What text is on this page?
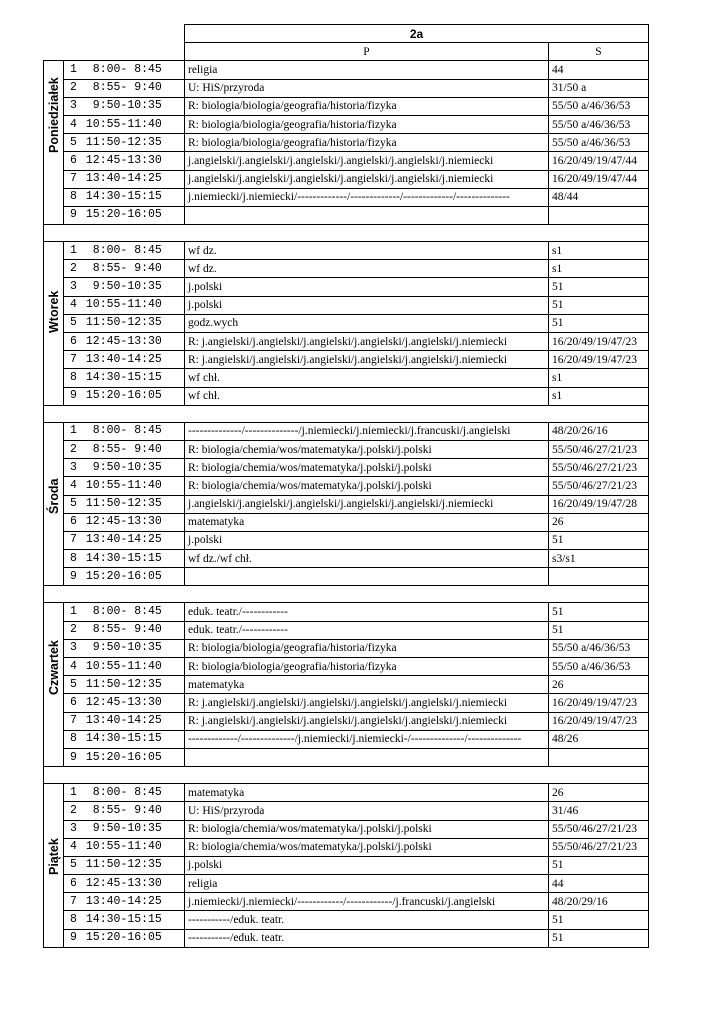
		2a	
		P	S

Poniedziałek	1 8:00- 8:45	religia	44
	2 8:55- 9:40	U: HiS/przyroda	31/50 a
	3 9:50-10:35	R: biologia/biologia/geografia/historia/fizyka	55/50 a/46/36/53
	4 10:55-11:40	R: biologia/biologia/geografia/historia/fizyka	55/50 a/46/36/53
	5 11:50-12:35	R: biologia/biologia/geografia/historia/fizyka	55/50 a/46/36/53
	6 12:45-13:30	j.angielski/j.angielski/j.angielski/j.angielski/j.angielski/j.niemiecki	16/20/49/19/47/44
	7 13:40-14:25	j.angielski/j.angielski/j.angielski/j.angielski/j.angielski/j.niemiecki	16/20/49/19/47/44
	8 14:30-15:15	j.niemiecki/j.niemiecki/-------------/-------------/-------------/--------------	48/44
	9 15:20-16:05		

Wtorek	1 8:00- 8:45	wf dz.	s1
	2 8:55- 9:40	wf dz.	s1
	3 9:50-10:35	j.polski	51
	4 10:55-11:40	j.polski	51
	5 11:50-12:35	godz.wych	51
	6 12:45-13:30	R: j.angielski/j.angielski/j.angielski/j.angielski/j.angielski/j.niemiecki	16/20/49/19/47/23
	7 13:40-14:25	R: j.angielski/j.angielski/j.angielski/j.angielski/j.angielski/j.niemiecki	16/20/49/19/47/23
	8 14:30-15:15	wf chł.	s1
	9 15:20-16:05	wf chł.	s1

Środa	1 8:00- 8:45	--------------/--------------/j.niemiecki/j.niemiecki/j.francuski/j.angielski	48/20/26/16
	2 8:55- 9:40	R: biologia/chemia/wos/matematyka/j.polski/j.polski	55/50/46/27/21/23
	3 9:50-10:35	R: biologia/chemia/wos/matematyka/j.polski/j.polski	55/50/46/27/21/23
	4 10:55-11:40	R: biologia/chemia/wos/matematyka/j.polski/j.polski	55/50/46/27/21/23
	5 11:50-12:35	j.angielski/j.angielski/j.angielski/j.angielski/j.angielski/j.niemiecki	16/20/49/19/47/28
	6 12:45-13:30	matematyka	26
	7 13:40-14:25	j.polski	51
	8 14:30-15:15	wf dz./wf chł.	s3/s1
	9 15:20-16:05		

Czwartek	1 8:00- 8:45	eduk. teatr./------------	51
	2 8:55- 9:40	eduk. teatr./------------	51
	3 9:50-10:35	R: biologia/biologia/geografia/historia/fizyka	55/50 a/46/36/53
	4 10:55-11:40	R: biologia/biologia/geografia/historia/fizyka	55/50 a/46/36/53
	5 11:50-12:35	matematyka	26
	6 12:45-13:30	R: j.angielski/j.angielski/j.angielski/j.angielski/j.angielski/j.niemiecki	16/20/49/19/47/23
	7 13:40-14:25	R: j.angielski/j.angielski/j.angielski/j.angielski/j.angielski/j.niemiecki	16/20/49/19/47/23
	8 14:30-15:15	-------------/--------------/j.niemiecki/j.niemiecki-/--------------/--------------	48/26
	9 15:20-16:05		

Piątek	1 8:00- 8:45	matematyka	26
	2 8:55- 9:40	U: HiS/przyroda	31/46
	3 9:50-10:35	R: biologia/chemia/wos/matematyka/j.polski/j.polski	55/50/46/27/21/23
	4 10:55-11:40	R: biologia/chemia/wos/matematyka/j.polski/j.polski	55/50/46/27/21/23
	5 11:50-12:35	j.polski	51
	6 12:45-13:30	religia	44
	7 13:40-14:25	j.niemiecki/j.niemiecki/------------/------------/j.francuski/j.angielski	48/20/29/16
	8 14:30-15:15	-----------/eduk. teatr.	51
	9 15:20-16:05	-----------/eduk. teatr.	51
